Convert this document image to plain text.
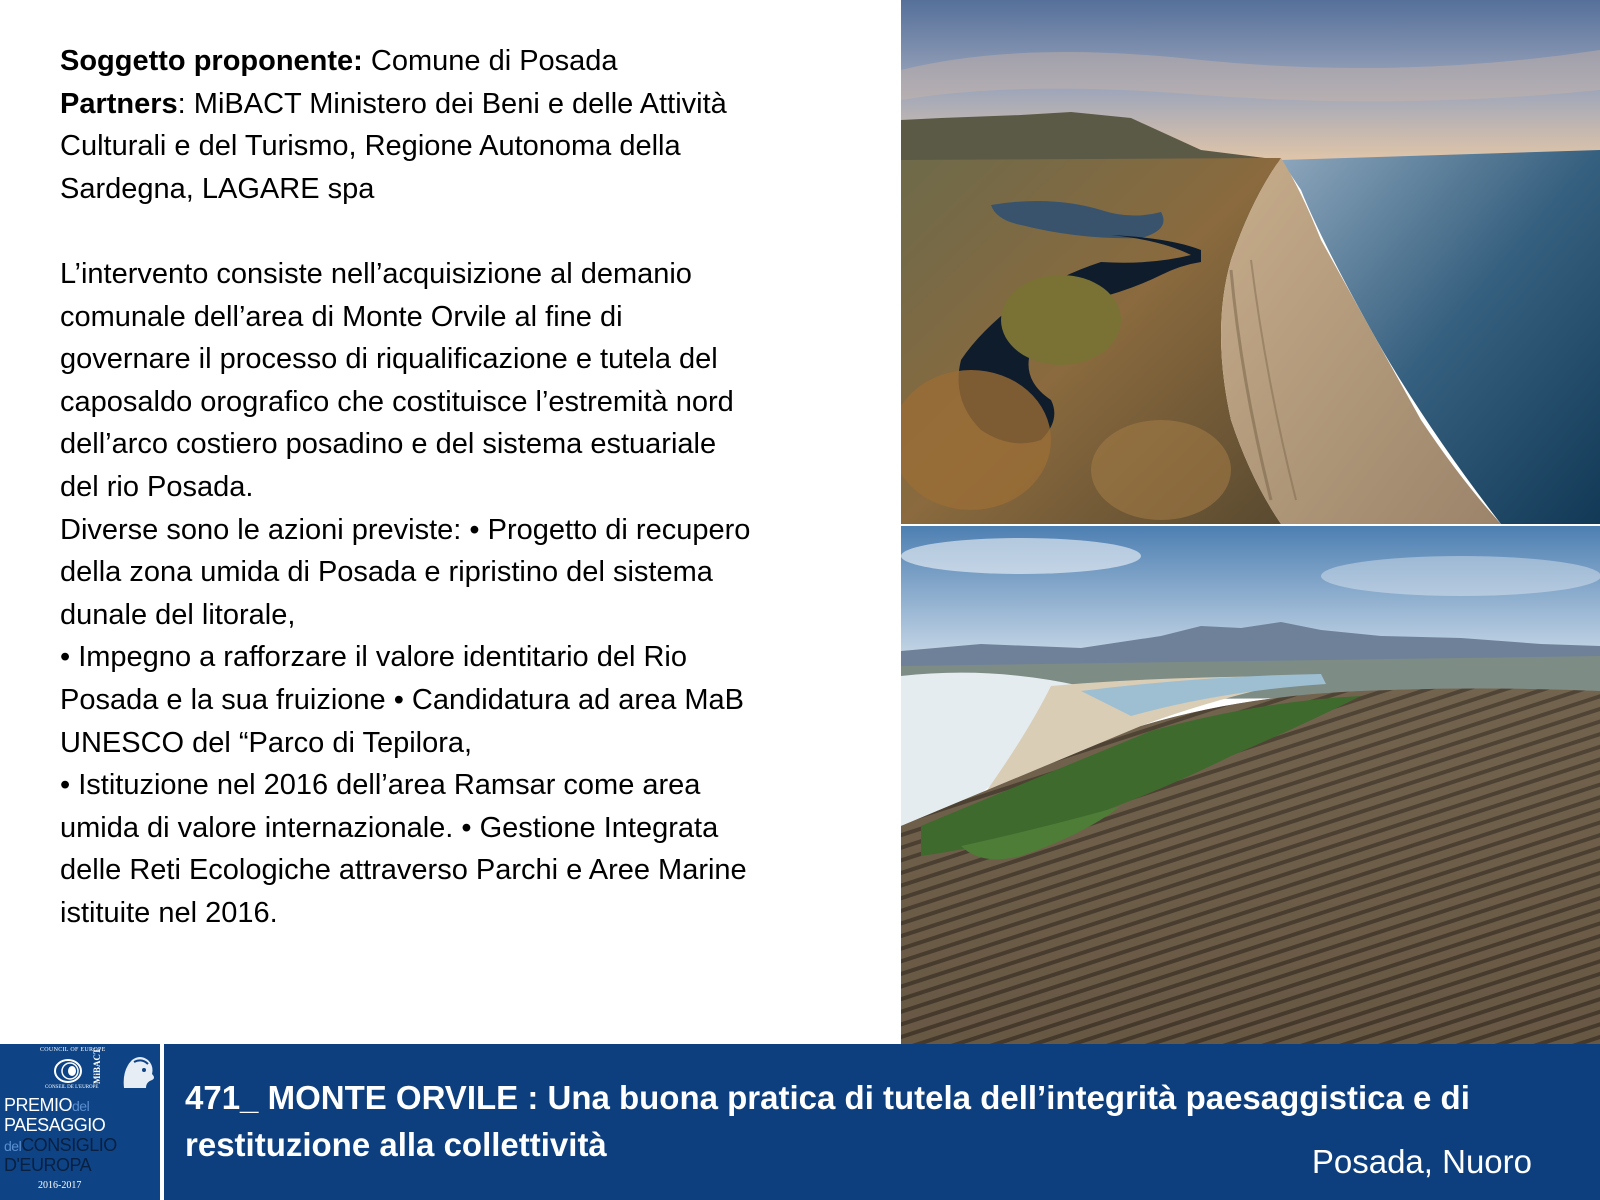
Soggetto proponente: Comune di Posada

Partners: MiBACT Ministero dei Beni e delle Attività Culturali e del Turismo, Regione Autonoma della Sardegna, LAGARE spa

L’intervento consiste nell’acquisizione al demanio comunale dell’area di Monte Orvile al fine di governare il processo di riqualificazione e tutela del caposaldo orografico che costituisce l’estremità nord dell’arco costiero posadino e del sistema estuariale del rio Posada.

Diverse sono le azioni previste: • Progetto di recupero della zona umida di Posada e ripristino del sistema dunale del litorale,

• Impegno a rafforzare il valore identitario del Rio Posada e la sua fruizione • Candidatura ad area MaB UNESCO del “Parco di Tepilora,

• Istituzione nel 2016 dell’area Ramsar come area umida di valore internazionale. • Gestione Integrata delle Reti Ecologiche attraverso Parchi e Aree Marine istituite nel 2016.

COUNCIL OF EUROPE
CONSEIL DE L'EUROPE
MiBACT
PREMIOdel
PAESAGGIO
delCONSIGLIO
D'EUROPA
2016-2017
471_ MONTE ORVILE : Una buona pratica di tutela dell’integrità paesaggistica e di restituzione alla collettività	Posada, Nuoro
